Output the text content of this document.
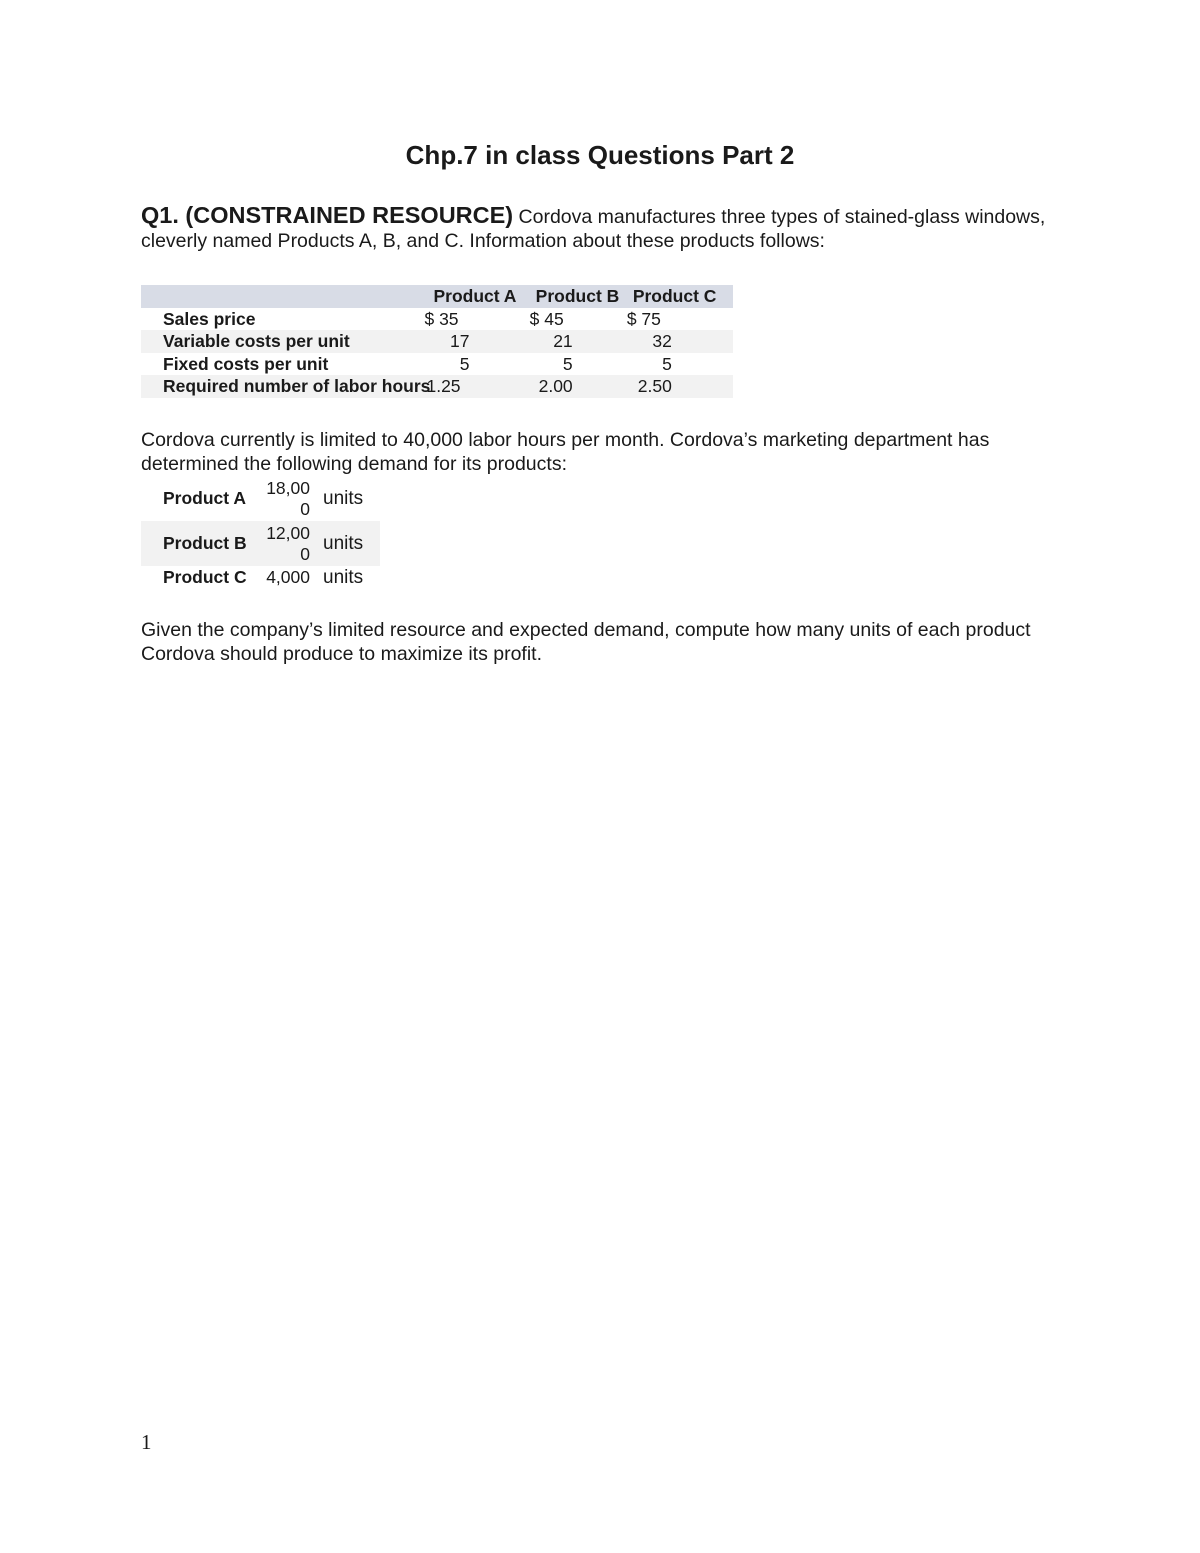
Chp.7 in class Questions Part 2

Q1. (CONSTRAINED RESOURCE) Cordova manufactures three types of stained-glass windows, cleverly named Products A, B, and C. Information about these products follows:

	Product A	Product B	Product C
Sales price	$ 35	$ 45	$ 75
Variable costs per unit	17	21	32
Fixed costs per unit	5	5	5
Required number of labor hours	1.25	2.00	2.50

Cordova currently is limited to 40,000 labor hours per month. Cordova’s marketing department has determined the following demand for its products:

Product A	18,000	units
Product B	12,000	units
Product C	4,000	units

Given the company’s limited resource and expected demand, compute how many units of each product Cordova should produce to maximize its profit.

1
